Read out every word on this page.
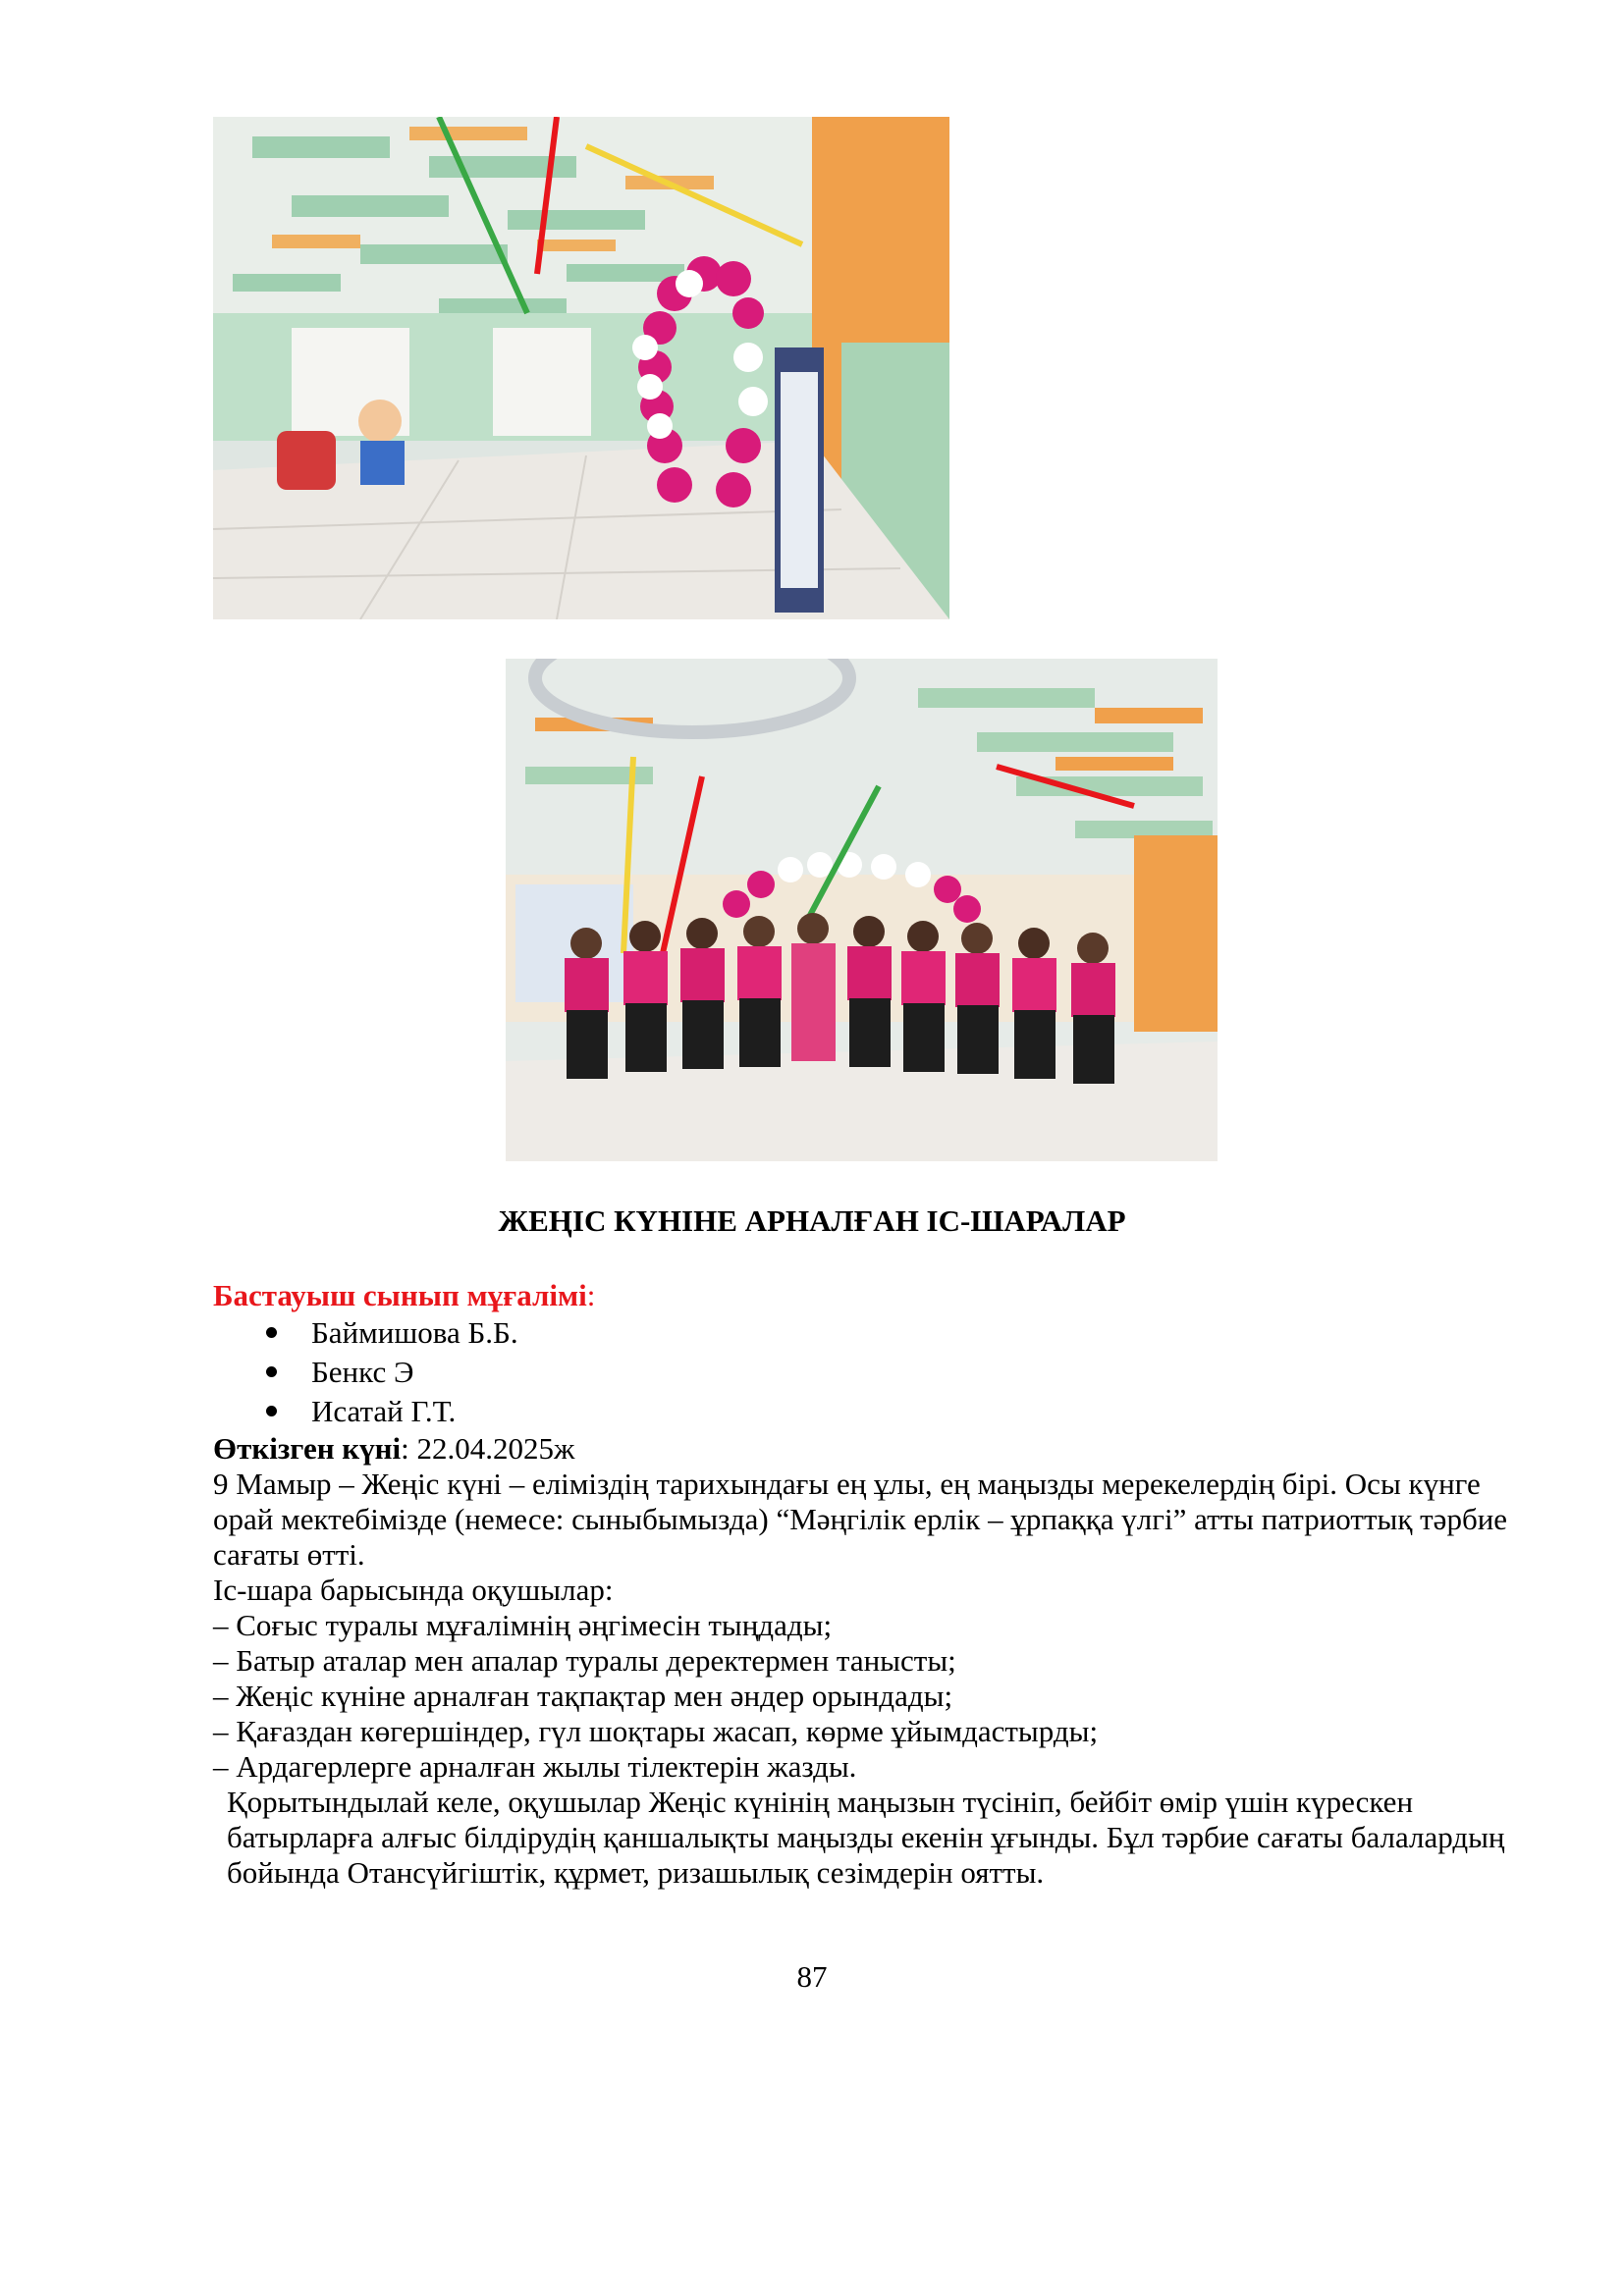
ЖЕҢІС КҮНІНЕ АРНАЛҒАН ІС-ШАРАЛАР

Бастауыш сынып мұғалімі:

Баймишова Б.Б.
Бенкс Э
Исатай Г.Т.

Өткізген күні: 22.04.2025ж

9 Мамыр – Жеңіс күні – еліміздің тарихындағы ең ұлы, ең маңызды мерекелердің бірі. Осы күнге орай мектебімізде (немесе: сыныбымызда) “Мәңгілік ерлік – ұрпаққа үлгі” атты патриоттық тәрбие сағаты өтті.

Іс-шара барысында оқушылар:

– Соғыс туралы мұғалімнің әңгімесін тыңдады;

– Батыр аталар мен апалар туралы деректермен танысты;

– Жеңіс күніне арналған тақпақтар мен әндер орындады;

– Қағаздан көгершіндер, гүл шоқтары жасап, көрме ұйымдастырды;

– Ардагерлерге арналған жылы тілектерін жазды.

Қорытындылай келе, оқушылар Жеңіс күнінің маңызын түсініп, бейбіт өмір үшін күрескен батырларға алғыс білдірудің қаншалықты маңызды екенін ұғынды. Бұл тәрбие сағаты балалардың бойында Отансүйгіштік, құрмет, ризашылық сезімдерін оятты.

87
